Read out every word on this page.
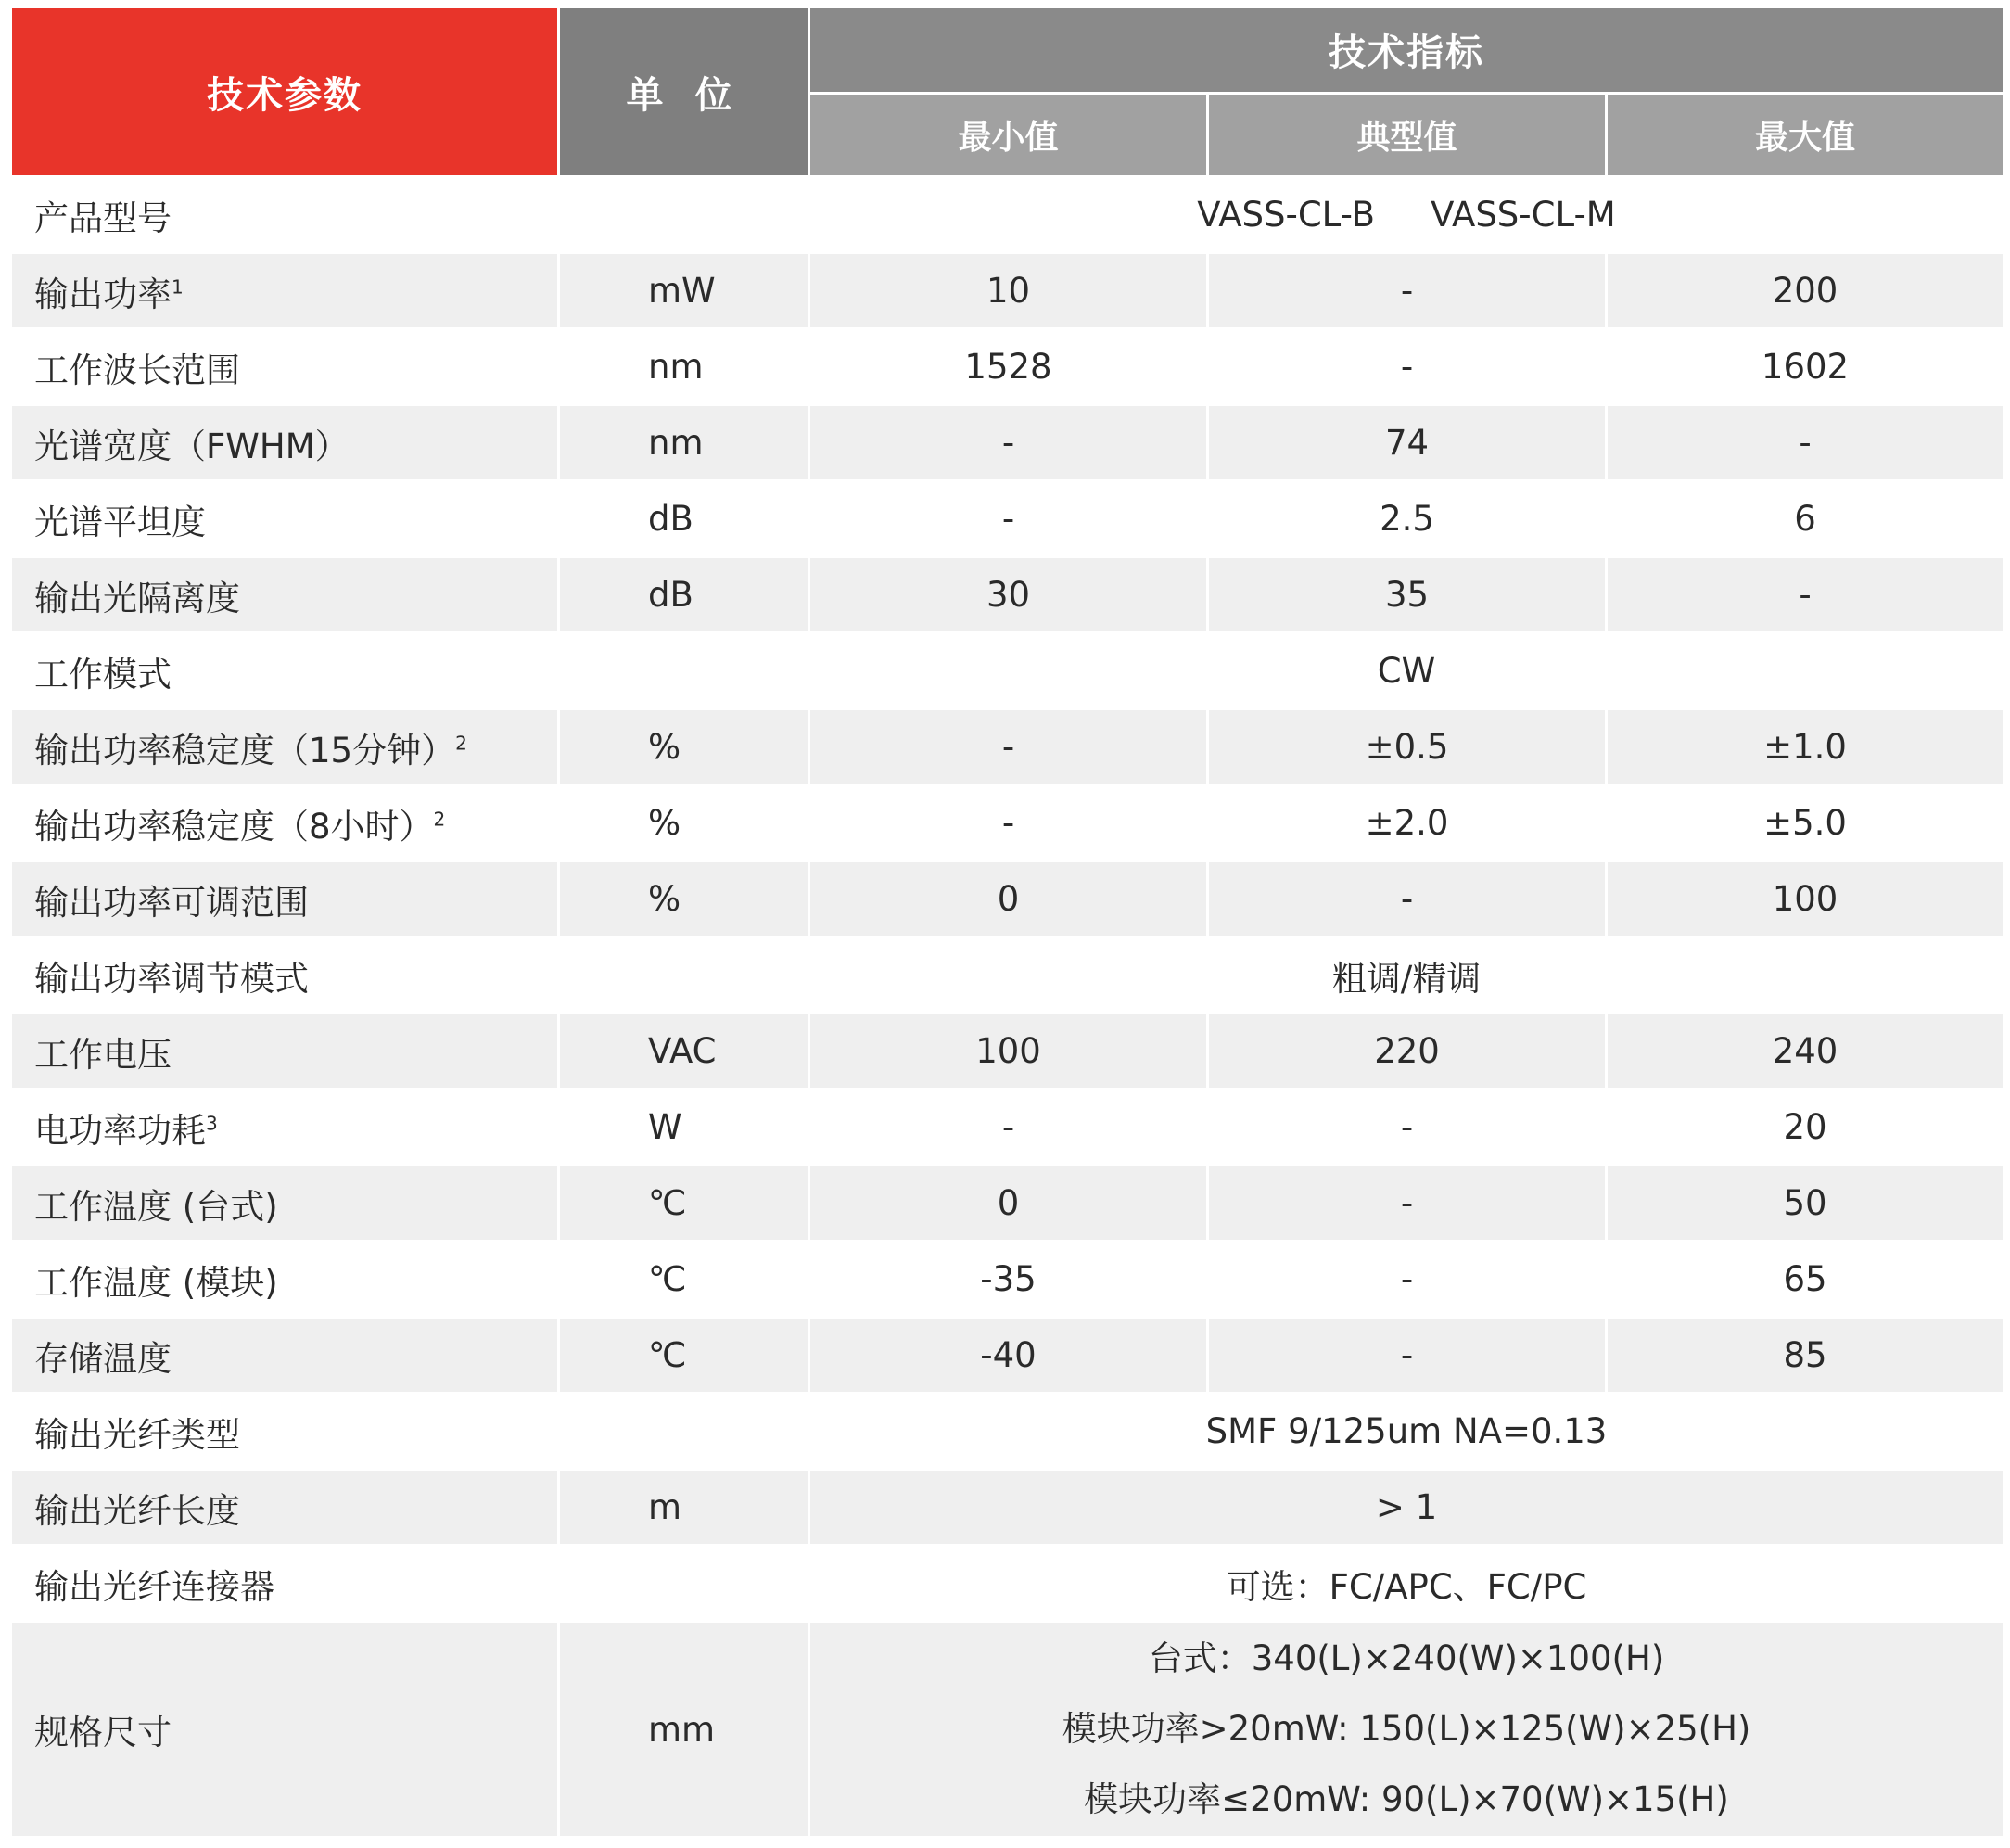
技术参数	单 位	技术指标		
		最小值	典型值	最大值
产品型号		VASS-CL-B VASS-CL-M		
输出功率$^1$	mW	10	-	200
工作波长范围	nm	1528	-	1602
光谱宽度（FWHM）	nm	-	74	-
光谱平坦度	dB	-	2.5	6
输出光隔离度	dB	30	35	-
工作模式		CW		
输出功率稳定度（15分钟）$^2$	%	-	±0.5	±1.0
输出功率稳定度（8小时）$^2$	%	-	±2.0	±5.0
输出功率可调范围	%	0	-	100
输出功率调节模式		粗调/精调		
工作电压	VAC	100	220	240
电功率功耗$^3$	W	-	-	20
工作温度 (台式)	℃	0	-	50
工作温度 (模块)	℃	-35	-	65
存储温度	℃	-40	-	85
输出光纤类型		SMF 9/125um NA=0.13		
输出光纤长度	m	> 1		
输出光纤连接器		可选：FC/APC、FC/PC		
规格尺寸	mm	台式：340(L)×240(W)×100(H)
模块功率>20mW: 150(L)×125(W)×25(H)
模块功率≤20mW: 90(L)×70(W)×15(H)		
